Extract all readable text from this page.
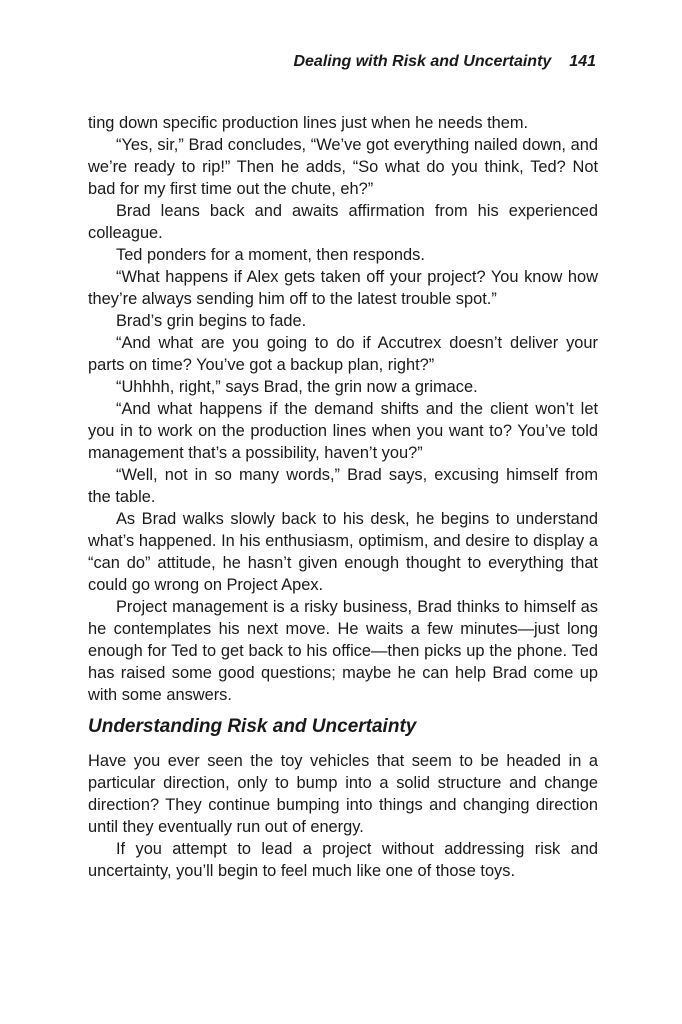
Dealing with Risk and Uncertainty 141

ting down specific production lines just when he needs them.

“Yes, sir,” Brad concludes, “We’ve got everything nailed down, and we’re ready to rip!” Then he adds, “So what do you think, Ted? Not bad for my first time out the chute, eh?”

Brad leans back and awaits affirmation from his experienced colleague.

Ted ponders for a moment, then responds.

“What happens if Alex gets taken off your project? You know how they’re always sending him off to the latest trouble spot.”

Brad’s grin begins to fade.

“And what are you going to do if Accutrex doesn’t deliver your parts on time? You’ve got a backup plan, right?”

“Uhhhh, right,” says Brad, the grin now a grimace.

“And what happens if the demand shifts and the client won’t let you in to work on the production lines when you want to? You’ve told management that’s a possibility, haven’t you?”

“Well, not in so many words,” Brad says, excusing himself from the table.

As Brad walks slowly back to his desk, he begins to understand what’s happened. In his enthusiasm, optimism, and desire to display a “can do” attitude, he hasn’t given enough thought to everything that could go wrong on Project Apex.

Project management is a risky business, Brad thinks to himself as he contemplates his next move. He waits a few minutes—just long enough for Ted to get back to his office—then picks up the phone. Ted has raised some good questions; maybe he can help Brad come up with some answers.

Understanding Risk and Uncertainty

Have you ever seen the toy vehicles that seem to be headed in a particular direction, only to bump into a solid structure and change direction? They continue bumping into things and changing direction until they eventually run out of energy.

If you attempt to lead a project without addressing risk and uncertainty, you’ll begin to feel much like one of those toys.
